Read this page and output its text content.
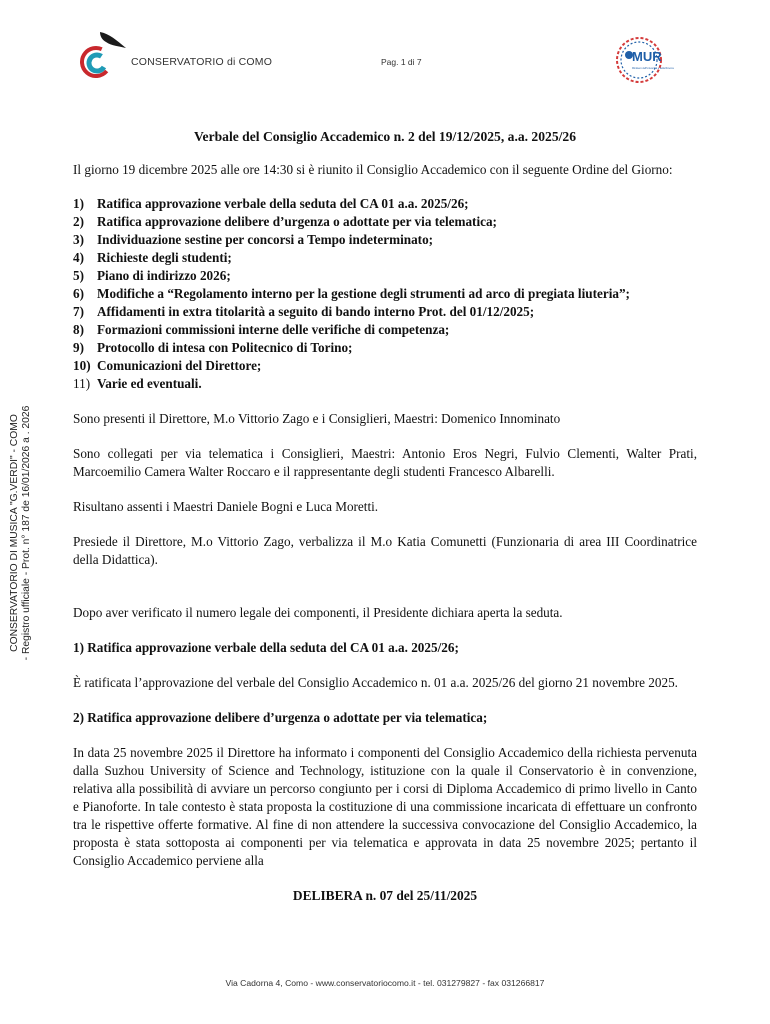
CONSERVATORIO di COMO	Pag. 1 di 7	MUR
Ministero dell'Università e della Ricerca
CONSERVATORIO DI MUSICA "G.VERDI" - COMO - Registro ufficiale - Prot. n° 187 de 16/01/2026 a . 2026
Verbale del Consiglio Accademico n. 2 del 19/12/2025, a.a. 2025/26

Il giorno 19 dicembre 2025 alle ore 14:30 si è riunito il Consiglio Accademico con il seguente Ordine del Giorno:

1) Ratifica approvazione verbale della seduta del CA 01 a.a. 2025/26;
2) Ratifica approvazione delibere d’urgenza o adottate per via telematica;
3) Individuazione sestine per concorsi a Tempo indeterminato;
4) Richieste degli studenti;
5) Piano di indirizzo 2026;
6) Modifiche a “Regolamento interno per la gestione degli strumenti ad arco di pregiata liuteria”;
7) Affidamenti in extra titolarità a seguito di bando interno Prot. del 01/12/2025;
8) Formazioni commissioni interne delle verifiche di competenza;
9) Protocollo di intesa con Politecnico di Torino;
10) Comunicazioni del Direttore;
11) Varie ed eventuali.

Sono presenti il Direttore, M.o Vittorio Zago e i Consiglieri, Maestri: Domenico Innominato

Sono collegati per via telematica i Consiglieri, Maestri: Antonio Eros Negri, Fulvio Clementi, Walter Prati, Marcoemilio Camera Walter Roccaro e il rappresentante degli studenti Francesco Albarelli.

Risultano assenti i Maestri Daniele Bogni e Luca Moretti.

Presiede il Direttore, M.o Vittorio Zago, verbalizza il M.o Katia Comunetti (Funzionaria di area III Coordinatrice della Didattica).

Dopo aver verificato il numero legale dei componenti, il Presidente dichiara aperta la seduta.

1) Ratifica approvazione verbale della seduta del CA 01 a.a. 2025/26;

È ratificata l’approvazione del verbale del Consiglio Accademico n. 01 a.a. 2025/26 del giorno 21 novembre 2025.

2) Ratifica approvazione delibere d’urgenza o adottate per via telematica;

In data 25 novembre 2025 il Direttore ha informato i componenti del Consiglio Accademico della richiesta pervenuta dalla Suzhou University of Science and Technology, istituzione con la quale il Conservatorio è in convenzione, relativa alla possibilità di avviare un percorso congiunto per i corsi di Diploma Accademico di primo livello in Canto e Pianoforte. In tale contesto è stata proposta la costituzione di una commissione incaricata di effettuare un confronto tra le rispettive offerte formative. Al fine di non attendere la successiva convocazione del Consiglio Accademico, la proposta è stata sottoposta ai componenti per via telematica e approvata in data 25 novembre 2025; pertanto il Consiglio Accademico perviene alla

DELIBERA n. 07 del 25/11/2025

Via Cadorna 4, Como - www.conservatoriocomo.it - tel. 031279827 - fax 031266817
